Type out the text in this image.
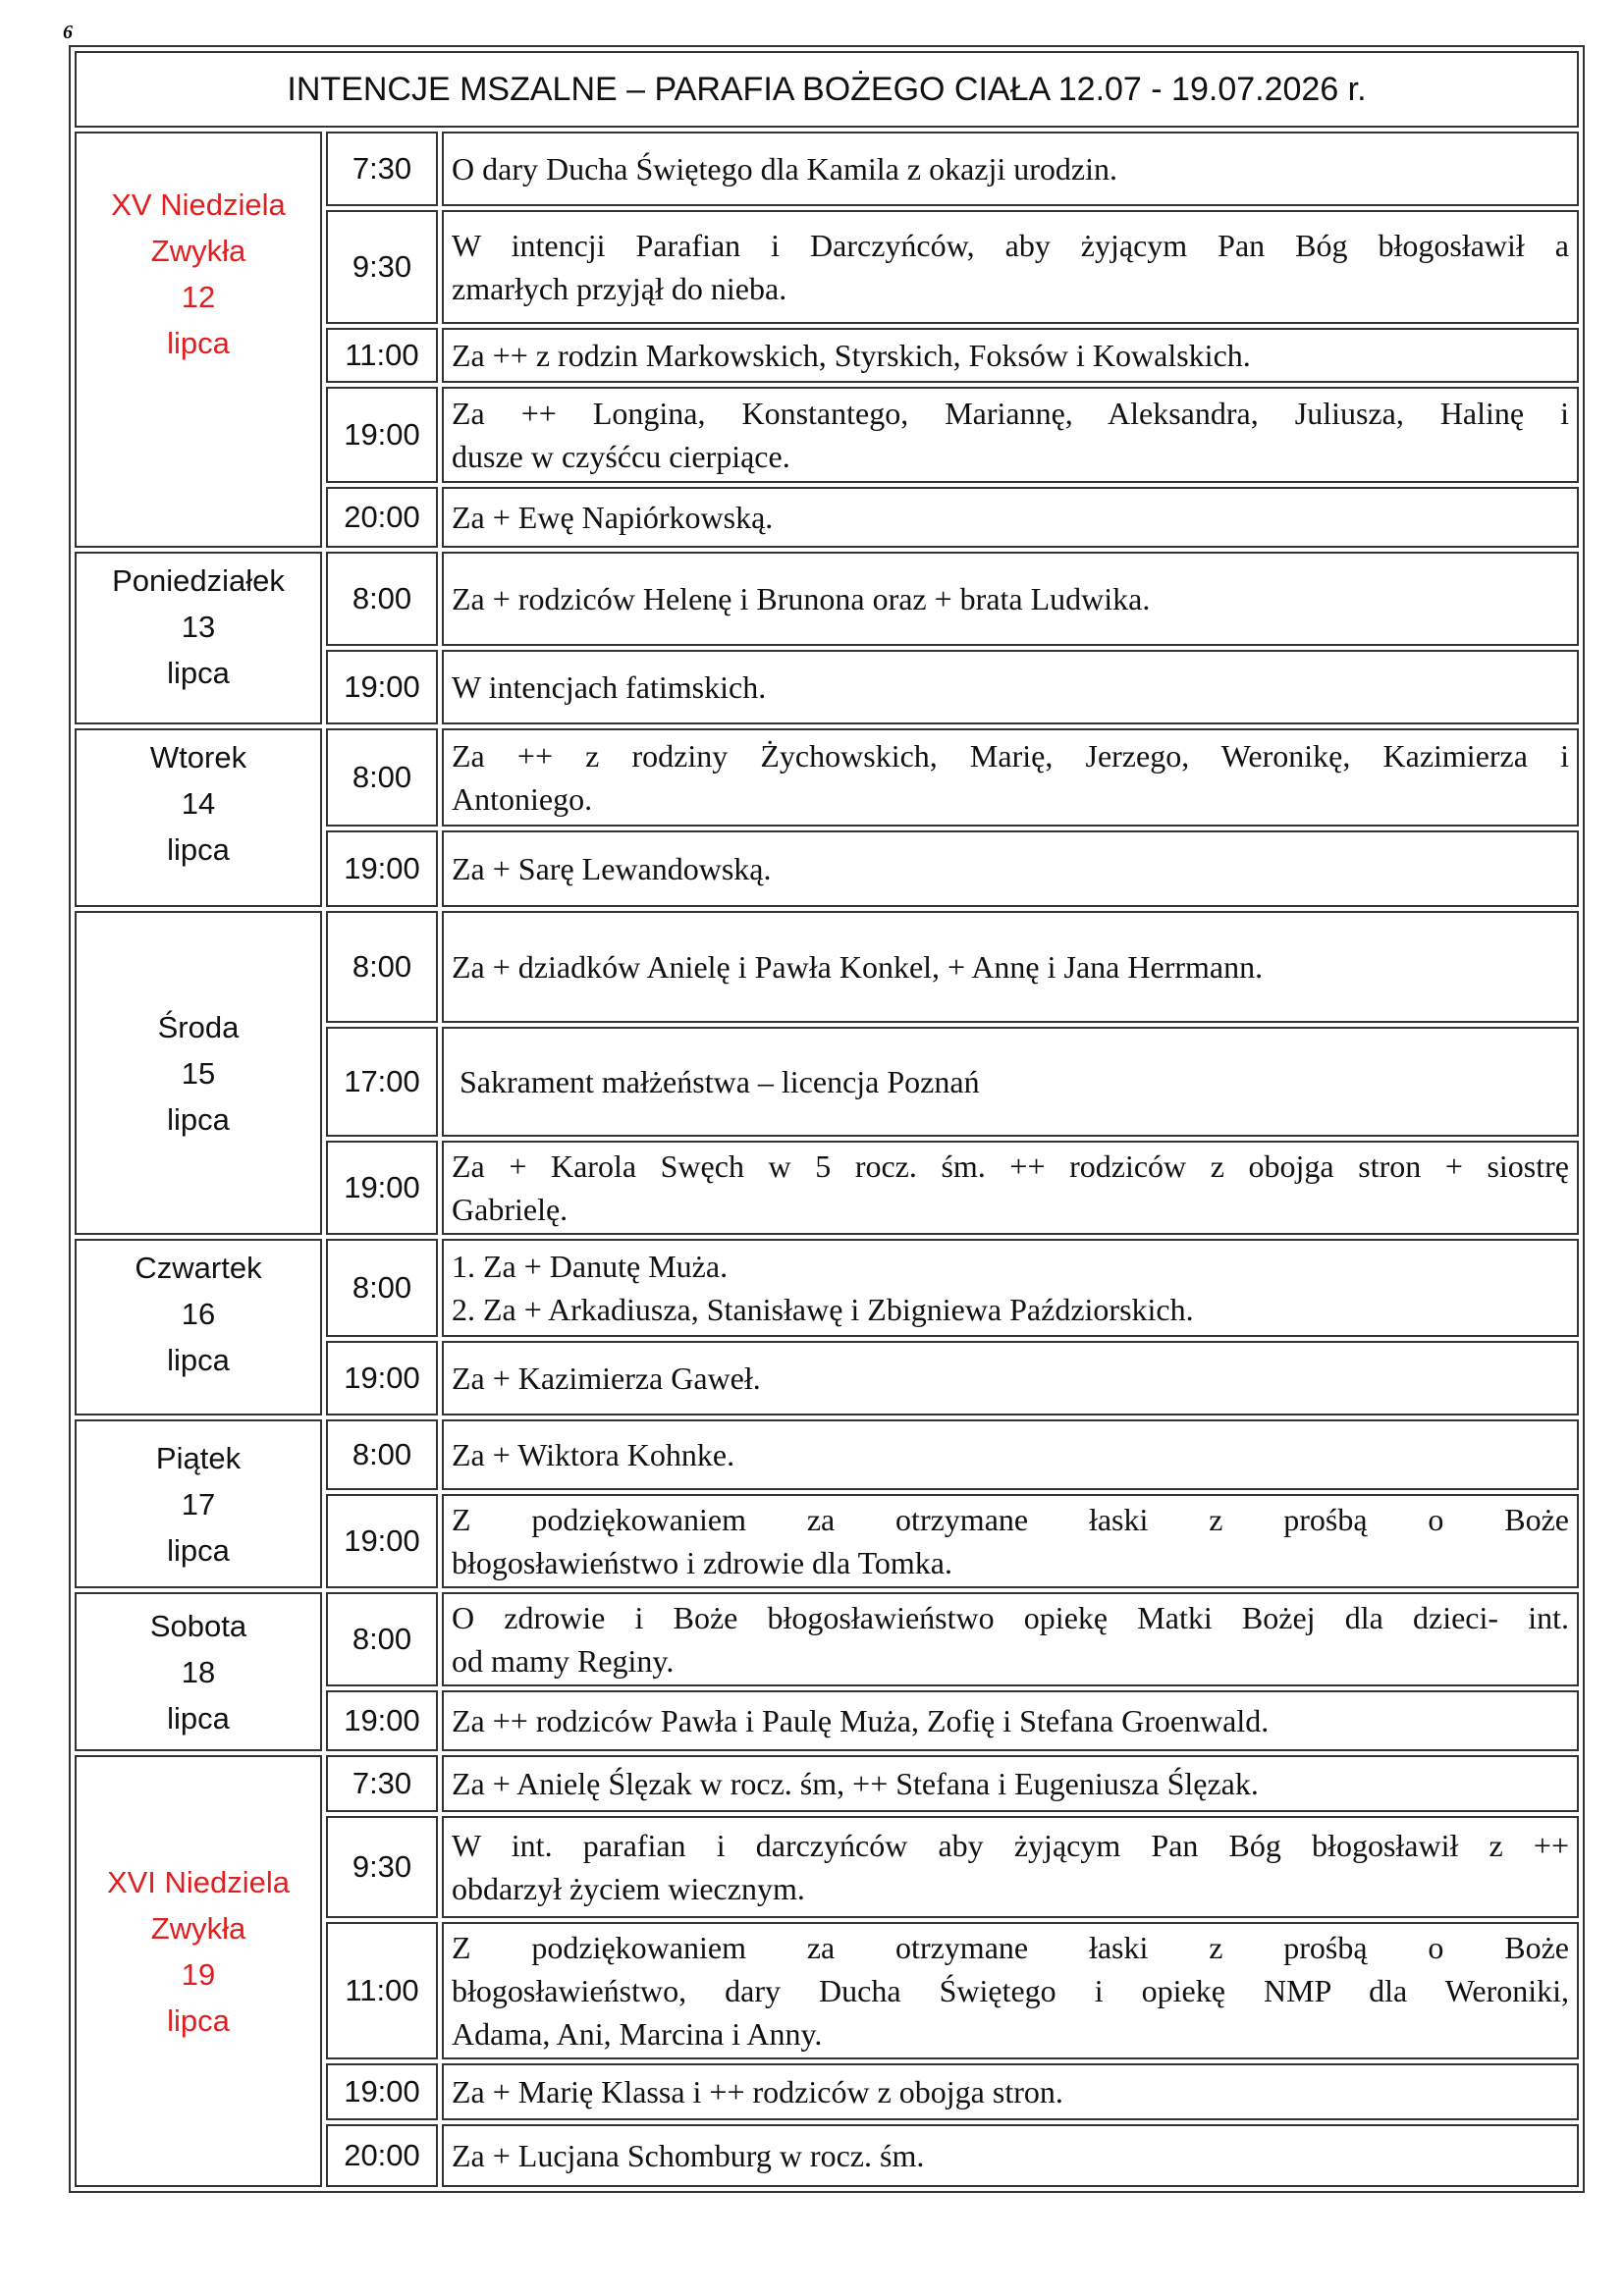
6
INTENCJE MSZALNE – PARAFIA BOŻEGO CIAŁA 12.07 - 19.07.2026 r.		

XV Niedziela
Zwykła
12
lipca	7:30	O dary Ducha Świętego dla Kamila z okazji urodzin.

	9:30	W intencji Parafian i Darczyńców, aby żyjącym Pan Bóg błogosławił a
zmarłych przyjął do nieba.

	11:00	Za ++ z rodzin Markowskich, Styrskich, Foksów i Kowalskich.

	19:00	Za ++ Longina, Konstantego, Mariannę, Aleksandra, Juliusza, Halinę i
dusze w czyśćcu cierpiące.

	20:00	Za + Ewę Napiórkowską.

Poniedziałek
13
lipca	8:00	Za + rodziców Helenę i Brunona oraz + brata Ludwika.

	19:00	W intencjach fatimskich.

Wtorek
14
lipca	8:00	Za ++ z rodziny Żychowskich, Marię, Jerzego, Weronikę, Kazimierza i
Antoniego.

	19:00	Za + Sarę Lewandowską.

Środa
15
lipca	8:00	Za + dziadków Anielę i Pawła Konkel, + Annę i Jana Herrmann.

	17:00	Sakrament małżeństwa – licencja Poznań

	19:00	Za + Karola Swęch w 5 rocz. śm. ++ rodziców z obojga stron + siostrę
Gabrielę.

Czwartek
16
lipca	8:00	1. Za + Danutę Muża.
2. Za + Arkadiusza, Stanisławę i Zbigniewa Paździorskich.

	19:00	Za + Kazimierza Gaweł.

Piątek
17
lipca	8:00	Za + Wiktora Kohnke.

	19:00	Z podziękowaniem za otrzymane łaski z prośbą o Boże
błogosławieństwo i zdrowie dla Tomka.

Sobota
18
lipca	8:00	O zdrowie i Boże błogosławieństwo opiekę Matki Bożej dla dzieci- int.
od mamy Reginy.

	19:00	Za ++ rodziców Pawła i Paulę Muża, Zofię i Stefana Groenwald.

XVI Niedziela
Zwykła
19
lipca	7:30	Za + Anielę Ślęzak w rocz. śm, ++ Stefana i Eugeniusza Ślęzak.

	9:30	W int. parafian i darczyńców aby żyjącym Pan Bóg błogosławił z ++
obdarzył życiem wiecznym.

	11:00	Z podziękowaniem za otrzymane łaski z prośbą o Boże
błogosławieństwo, dary Ducha Świętego i opiekę NMP dla Weroniki,
Adama, Ani, Marcina i Anny.

	19:00	Za + Marię Klassa i ++ rodziców z obojga stron.

	20:00	Za + Lucjana Schomburg w rocz. śm.
